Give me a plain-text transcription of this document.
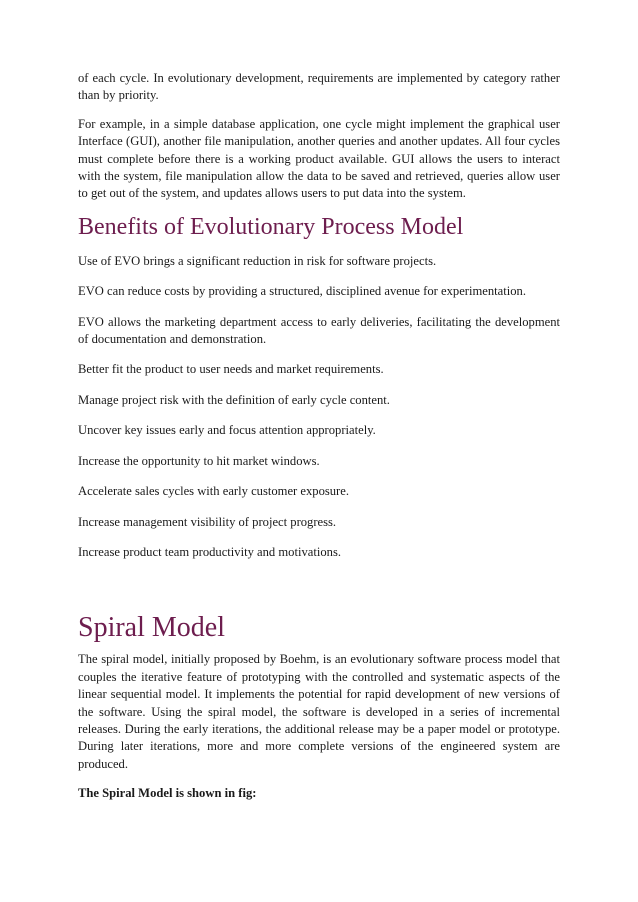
of each cycle. In evolutionary development, requirements are implemented by category rather than by priority.

For example, in a simple database application, one cycle might implement the graphical user Interface (GUI), another file manipulation, another queries and another updates. All four cycles must complete before there is a working product available. GUI allows the users to interact with the system, file manipulation allow the data to be saved and retrieved, queries allow user to get out of the system, and updates allows users to put data into the system.

Benefits of Evolutionary Process Model

Use of EVO brings a significant reduction in risk for software projects.

EVO can reduce costs by providing a structured, disciplined avenue for experimentation.

EVO allows the marketing department access to early deliveries, facilitating the development of documentation and demonstration.

Better fit the product to user needs and market requirements.

Manage project risk with the definition of early cycle content.

Uncover key issues early and focus attention appropriately.

Increase the opportunity to hit market windows.

Accelerate sales cycles with early customer exposure.

Increase management visibility of project progress.

Increase product team productivity and motivations.

Spiral Model

The spiral model, initially proposed by Boehm, is an evolutionary software process model that couples the iterative feature of prototyping with the controlled and systematic aspects of the linear sequential model. It implements the potential for rapid development of new versions of the software. Using the spiral model, the software is developed in a series of incremental releases. During the early iterations, the additional release may be a paper model or prototype. During later iterations, more and more complete versions of the engineered system are produced.

The Spiral Model is shown in fig:
